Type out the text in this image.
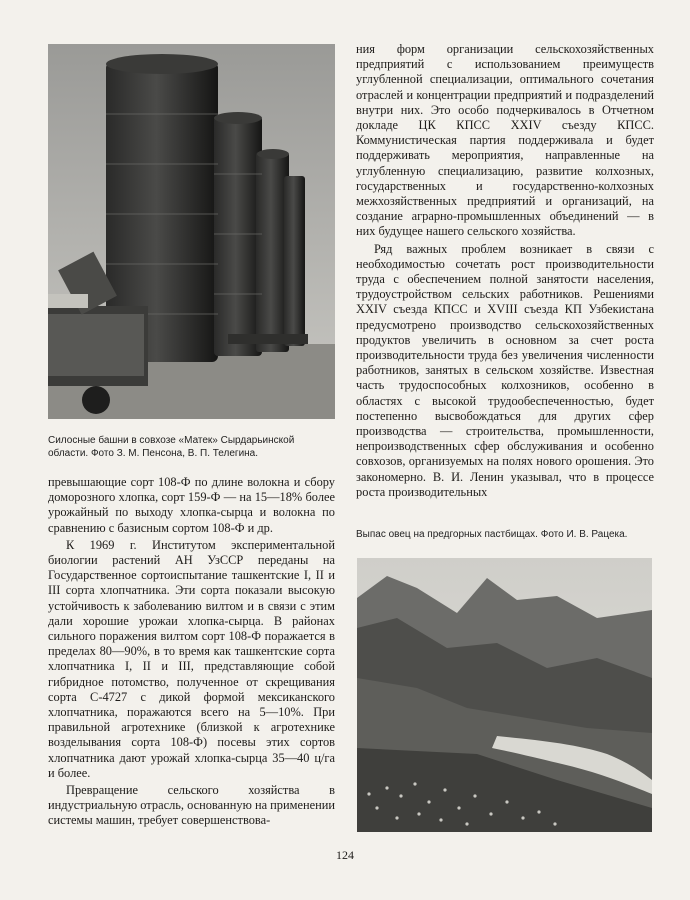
Силосные башни в совхозе «Матек» Сырдарьинской области. Фото З. М. Пенсона, В. П. Телегина.

превышающие сорт 108-Ф по длине волокна и сбору доморозного хлопка, сорт 159-Ф — на 15—18% более урожайный по выходу хлопка-сырца и волокна по сравнению с базисным сортом 108-Ф и др.

К 1969 г. Институтом экспериментальной биологии растений АН УзССР переданы на Государственное сортоиспытание ташкентские I, II и III сорта хлопчатника. Эти сорта показали высокую устойчивость к заболеванию вилтом и в связи с этим дали хорошие урожаи хлопка-сырца. В районах сильного поражения вилтом сорт 108-Ф поражается в пределах 80—90%, в то время как ташкентские сорта хлопчатника I, II и III, представляющие собой гибридное потомство, полученное от скрещивания сорта С-4727 с дикой формой мексиканского хлопчатника, поражаются всего на 5—10%. При правильной агротехнике (близкой к агротехнике возделывания сорта 108-Ф) посевы этих сортов хлопчатника дают урожай хлопка-сырца 35—40 ц/га и более.

Превращение сельского хозяйства в индустриальную отрасль, основанную на применении системы машин, требует совершенствова-

ния форм организации сельскохозяйственных предприятий с использованием преимуществ углубленной специализации, оптимального сочетания отраслей и концентрации предприятий и подразделений внутри них. Это особо подчеркивалось в Отчетном докладе ЦК КПСС XXIV съезду КПСС. Коммунистическая партия поддерживала и будет поддерживать мероприятия, направленные на углубленную специализацию, развитие колхозных, государственных и государственно-колхозных межхозяйственных предприятий и организаций, на создание аграрно-промышленных объединений — в них будущее нашего сельского хозяйства.

Ряд важных проблем возникает в связи с необходимостью сочетать рост производительности труда с обеспечением полной занятости населения, трудоустройством сельских работников. Решениями XXIV съезда КПСС и XVIII съезда КП Узбекистана предусмотрено производство сельскохозяйственных продуктов увеличить в основном за счет роста производительности труда без увеличения численности работников, занятых в сельском хозяйстве. Известная часть трудоспособных колхозников, особенно в областях с высокой трудообеспеченностью, будет постепенно высвобождаться для других сфер производства — строительства, промышленности, непроизводственных сфер обслуживания и особенно совхозов, организуемых на полях нового орошения. Это закономерно. В. И. Ленин указывал, что в процессе роста производительных

Выпас овец на предгорных пастбищах. Фото И. В. Рацека.
124
